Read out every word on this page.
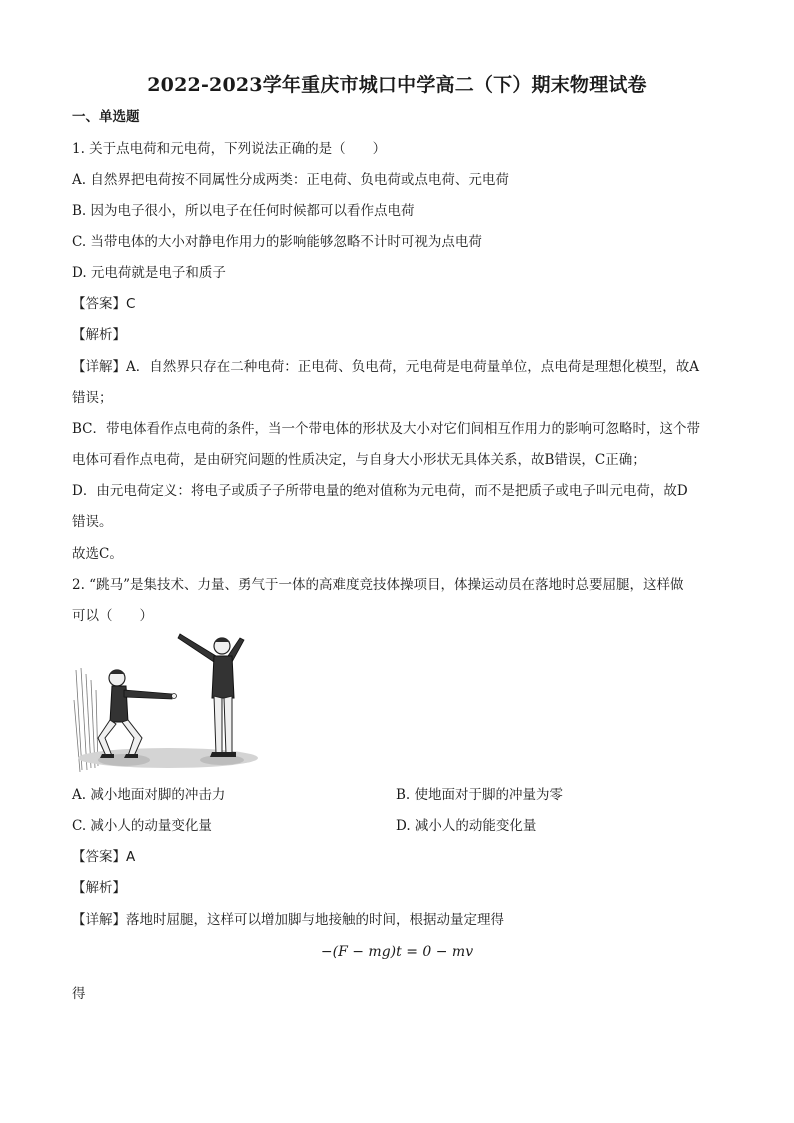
2022-2023学年重庆市城口中学高二（下）期末物理试卷
一、单选题
1. 关于点电荷和元电荷，下列说法正确的是（　　）
A. 自然界把电荷按不同属性分成两类：正电荷、负电荷或点电荷、元电荷
B. 因为电子很小，所以电子在任何时候都可以看作点电荷
C. 当带电体的大小对静电作用力的影响能够忽略不计时可视为点电荷
D. 元电荷就是电子和质子
【答案】C
【解析】
【详解】A．自然界只存在二种电荷：正电荷、负电荷，元电荷是电荷量单位，点电荷是理想化模型，故A
错误；
BC．带电体看作点电荷的条件，当一个带电体的形状及大小对它们间相互作用力的影响可忽略时，这个带
电体可看作点电荷，是由研究问题的性质决定，与自身大小形状无具体关系，故B错误，C正确；
D．由元电荷定义：将电子或质子子所带电量的绝对值称为元电荷，而不是把质子或电子叫元电荷，故D
错误。
故选C。
2. “跳马”是集技术、力量、勇气于一体的高难度竞技体操项目，体操运动员在落地时总要屈腿，这样做
可以（　　）
A. 减小地面对脚的冲击力	B. 使地面对于脚的冲量为零
C. 减小人的动量变化量	D. 减小人的动能变化量
【答案】A
【解析】
【详解】落地时屈腿，这样可以增加脚与地接触的时间，根据动量定理得
−(F − mg)t = 0 − mv
得
